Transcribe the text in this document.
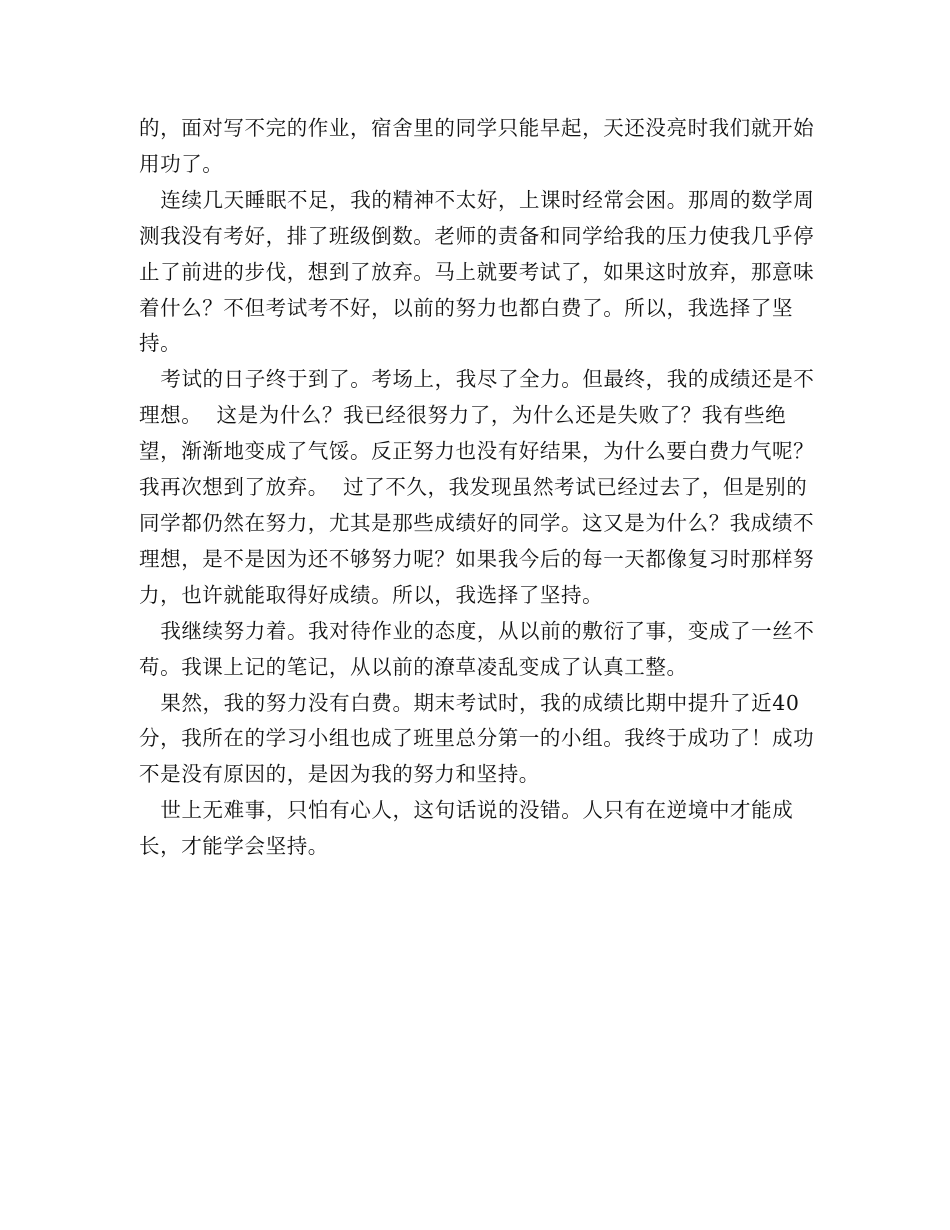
的，面对写不完的作业，宿舍里的同学只能早起，天还没亮时我们就开始用功了。

连续几天睡眠不足，我的精神不太好，上课时经常会困。那周的数学周测我没有考好，排了班级倒数。老师的责备和同学给我的压力使我几乎停止了前进的步伐，想到了放弃。马上就要考试了，如果这时放弃，那意味着什么？不但考试考不好，以前的努力也都白费了。所以，我选择了坚持。

考试的日子终于到了。考场上，我尽了全力。但最终，我的成绩还是不理想。  这是为什么？我已经很努力了，为什么还是失败了？我有些绝望，渐渐地变成了气馁。反正努力也没有好结果，为什么要白费力气呢？我再次想到了放弃。  过了不久，我发现虽然考试已经过去了，但是别的同学都仍然在努力，尤其是那些成绩好的同学。这又是为什么？我成绩不理想，是不是因为还不够努力呢？如果我今后的每一天都像复习时那样努力，也许就能取得好成绩。所以，我选择了坚持。

我继续努力着。我对待作业的态度，从以前的敷衍了事，变成了一丝不苟。我课上记的笔记，从以前的潦草凌乱变成了认真工整。

果然，我的努力没有白费。期末考试时，我的成绩比期中提升了近40分，我所在的学习小组也成了班里总分第一的小组。我终于成功了！成功不是没有原因的，是因为我的努力和坚持。

世上无难事，只怕有心人，这句话说的没错。人只有在逆境中才能成长，才能学会坚持。
